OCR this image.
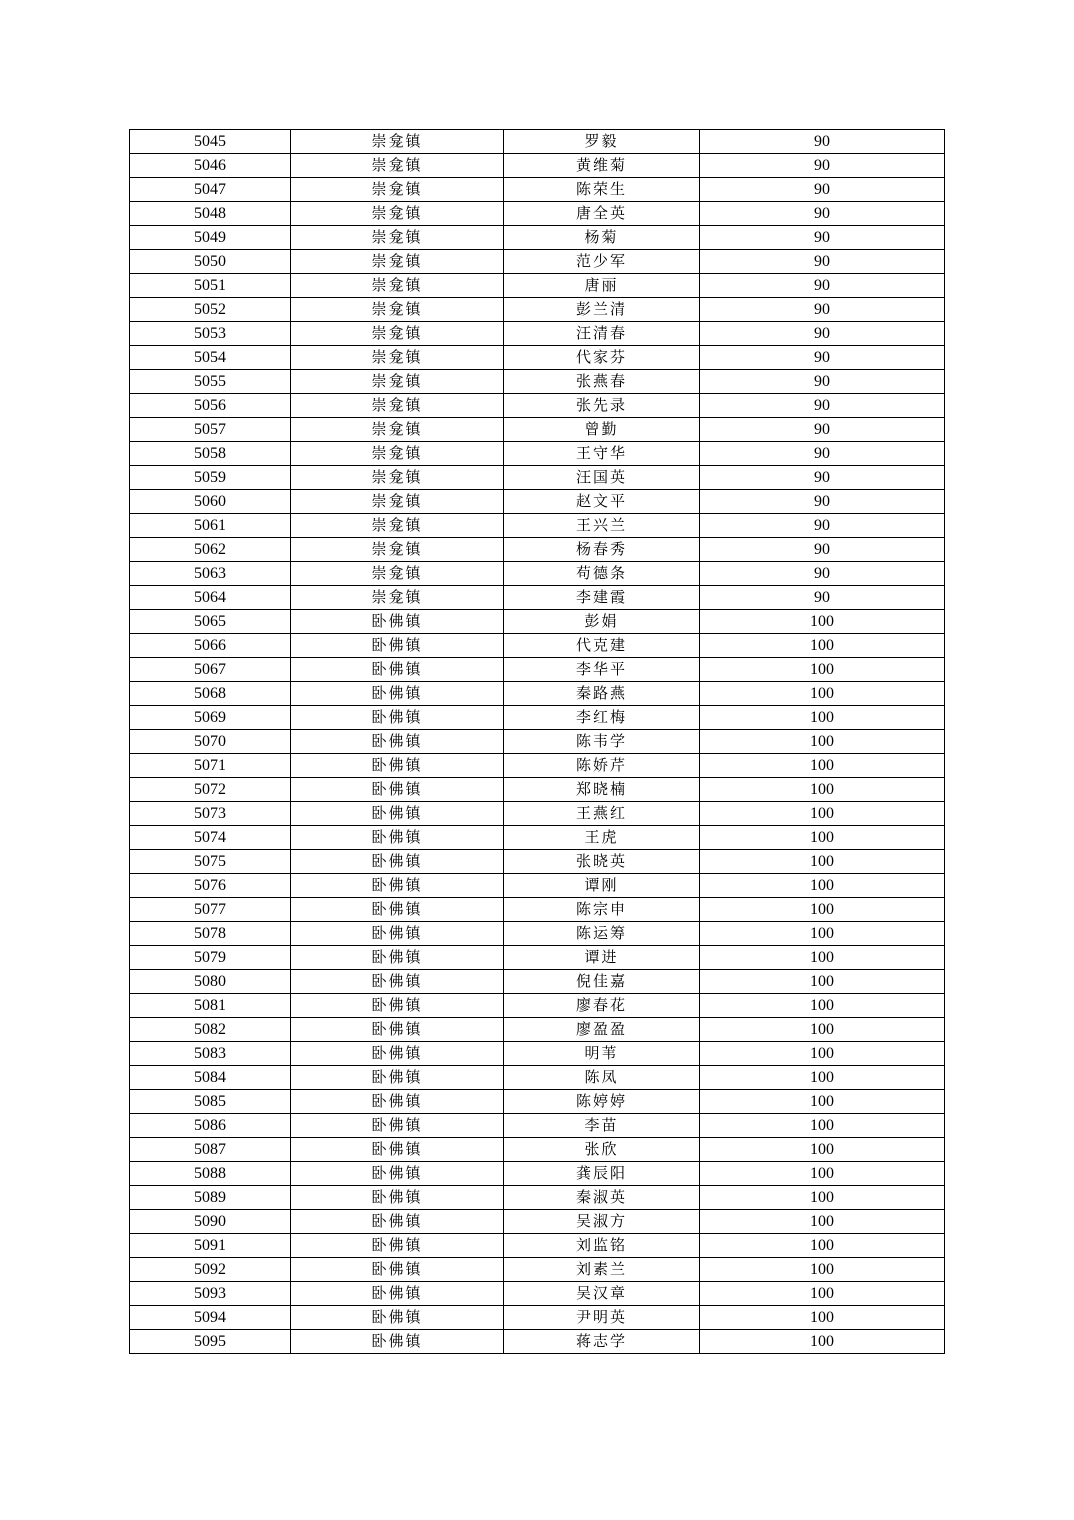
5045	崇龛镇	罗毅	90
5046	崇龛镇	黄维菊	90
5047	崇龛镇	陈荣生	90
5048	崇龛镇	唐全英	90
5049	崇龛镇	杨菊	90
5050	崇龛镇	范少军	90
5051	崇龛镇	唐丽	90
5052	崇龛镇	彭兰清	90
5053	崇龛镇	汪清春	90
5054	崇龛镇	代家芬	90
5055	崇龛镇	张燕春	90
5056	崇龛镇	张先录	90
5057	崇龛镇	曾勤	90
5058	崇龛镇	王守华	90
5059	崇龛镇	汪国英	90
5060	崇龛镇	赵文平	90
5061	崇龛镇	王兴兰	90
5062	崇龛镇	杨春秀	90
5063	崇龛镇	苟德条	90
5064	崇龛镇	李建霞	90
5065	卧佛镇	彭娟	100
5066	卧佛镇	代克建	100
5067	卧佛镇	李华平	100
5068	卧佛镇	秦路燕	100
5069	卧佛镇	李红梅	100
5070	卧佛镇	陈韦学	100
5071	卧佛镇	陈娇芹	100
5072	卧佛镇	郑晓楠	100
5073	卧佛镇	王燕红	100
5074	卧佛镇	王虎	100
5075	卧佛镇	张晓英	100
5076	卧佛镇	谭刚	100
5077	卧佛镇	陈宗申	100
5078	卧佛镇	陈运筹	100
5079	卧佛镇	谭进	100
5080	卧佛镇	倪佳嘉	100
5081	卧佛镇	廖春花	100
5082	卧佛镇	廖盈盈	100
5083	卧佛镇	明苇	100
5084	卧佛镇	陈凤	100
5085	卧佛镇	陈婷婷	100
5086	卧佛镇	李苗	100
5087	卧佛镇	张欣	100
5088	卧佛镇	龚辰阳	100
5089	卧佛镇	秦淑英	100
5090	卧佛镇	吴淑方	100
5091	卧佛镇	刘监铭	100
5092	卧佛镇	刘素兰	100
5093	卧佛镇	吴汉章	100
5094	卧佛镇	尹明英	100
5095	卧佛镇	蒋志学	100
